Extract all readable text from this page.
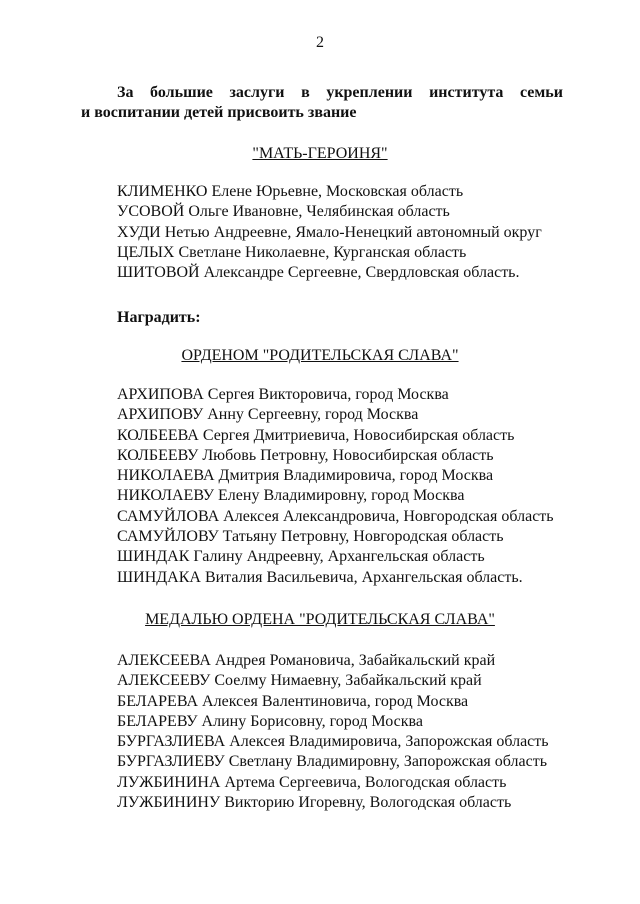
2
За большие заслуги в укреплении института семьи
и воспитании детей присвоить звание
"МАТЬ-ГЕРОИНЯ"
КЛИМЕНКО Елене Юрьевне, Московская область
УСОВОЙ Ольге Ивановне, Челябинская область
ХУДИ Нетью Андреевне, Ямало-Ненецкий автономный округ
ЦЕЛЫХ Светлане Николаевне, Курганская область
ШИТОВОЙ Александре Сергеевне, Свердловская область.
Наградить:
ОРДЕНОМ "РОДИТЕЛЬСКАЯ СЛАВА"
АРХИПОВА Сергея Викторовича, город Москва
АРХИПОВУ Анну Сергеевну, город Москва
КОЛБЕЕВА Сергея Дмитриевича, Новосибирская область
КОЛБЕЕВУ Любовь Петровну, Новосибирская область
НИКОЛАЕВА Дмитрия Владимировича, город Москва
НИКОЛАЕВУ Елену Владимировну, город Москва
САМУЙЛОВА Алексея Александровича, Новгородская область
САМУЙЛОВУ Татьяну Петровну, Новгородская область
ШИНДАК Галину Андреевну, Архангельская область
ШИНДАКА Виталия Васильевича, Архангельская область.
МЕДАЛЬЮ ОРДЕНА "РОДИТЕЛЬСКАЯ СЛАВА"
АЛЕКСЕЕВА Андрея Романовича, Забайкальский край
АЛЕКСЕЕВУ Соелму Нимаевну, Забайкальский край
БЕЛАРЕВА Алексея Валентиновича, город Москва
БЕЛАРЕВУ Алину Борисовну, город Москва
БУРГАЗЛИЕВА Алексея Владимировича, Запорожская область
БУРГАЗЛИЕВУ Светлану Владимировну, Запорожская область
ЛУЖБИНИНА Артема Сергеевича, Вологодская область
ЛУЖБИНИНУ Викторию Игоревну, Вологодская область
